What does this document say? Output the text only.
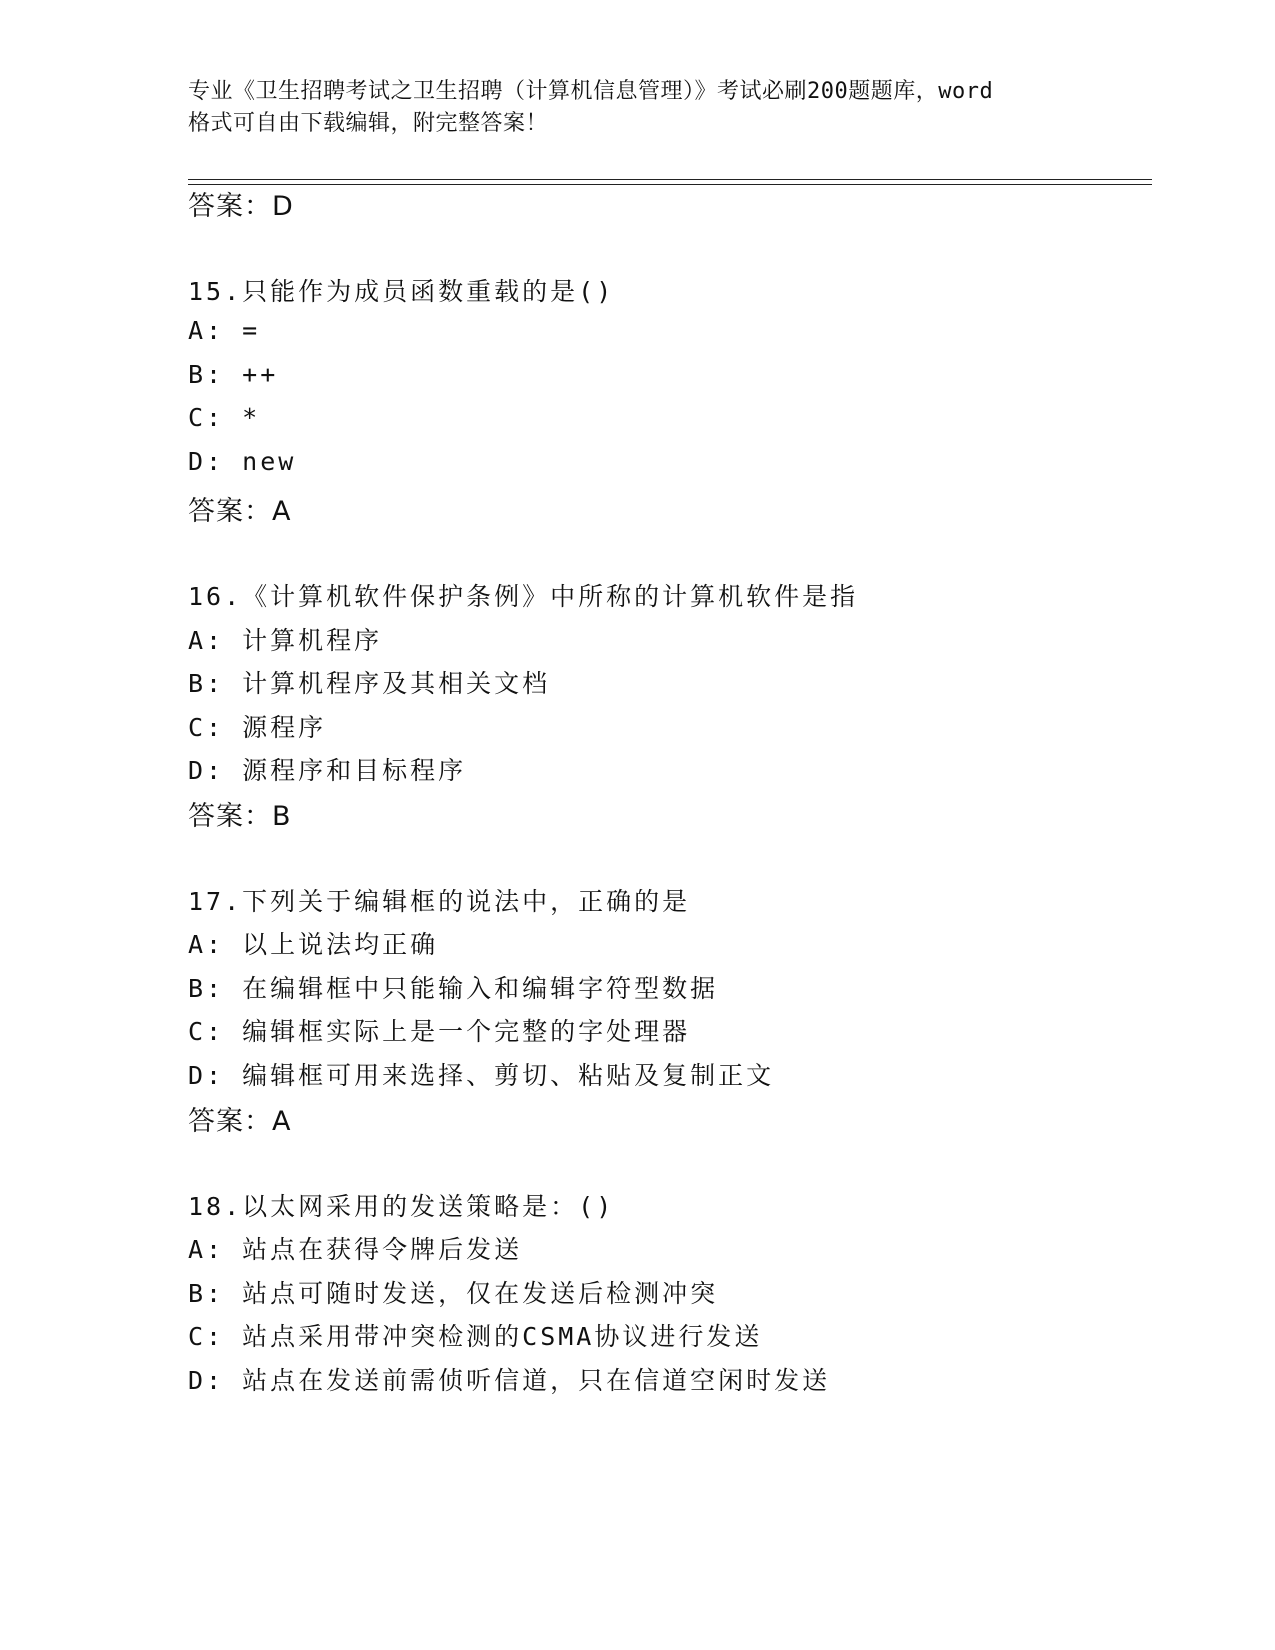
专业《卫生招聘考试之卫生招聘（计算机信息管理）》考试必刷200题题库，word
格式可自由下载编辑，附完整答案！
答案：D
15.只能作为成员函数重载的是()
A: =
B: ++
C: *
D: new
答案：A
16.《计算机软件保护条例》中所称的计算机软件是指
A: 计算机程序
B: 计算机程序及其相关文档
C: 源程序
D: 源程序和目标程序
答案：B
17.下列关于编辑框的说法中，正确的是
A: 以上说法均正确
B: 在编辑框中只能输入和编辑字符型数据
C: 编辑框实际上是一个完整的字处理器
D: 编辑框可用来选择、剪切、粘贴及复制正文
答案：A
18.以太网采用的发送策略是：()
A: 站点在获得令牌后发送
B: 站点可随时发送，仅在发送后检测冲突
C: 站点采用带冲突检测的CSMA协议进行发送
D: 站点在发送前需侦听信道，只在信道空闲时发送
